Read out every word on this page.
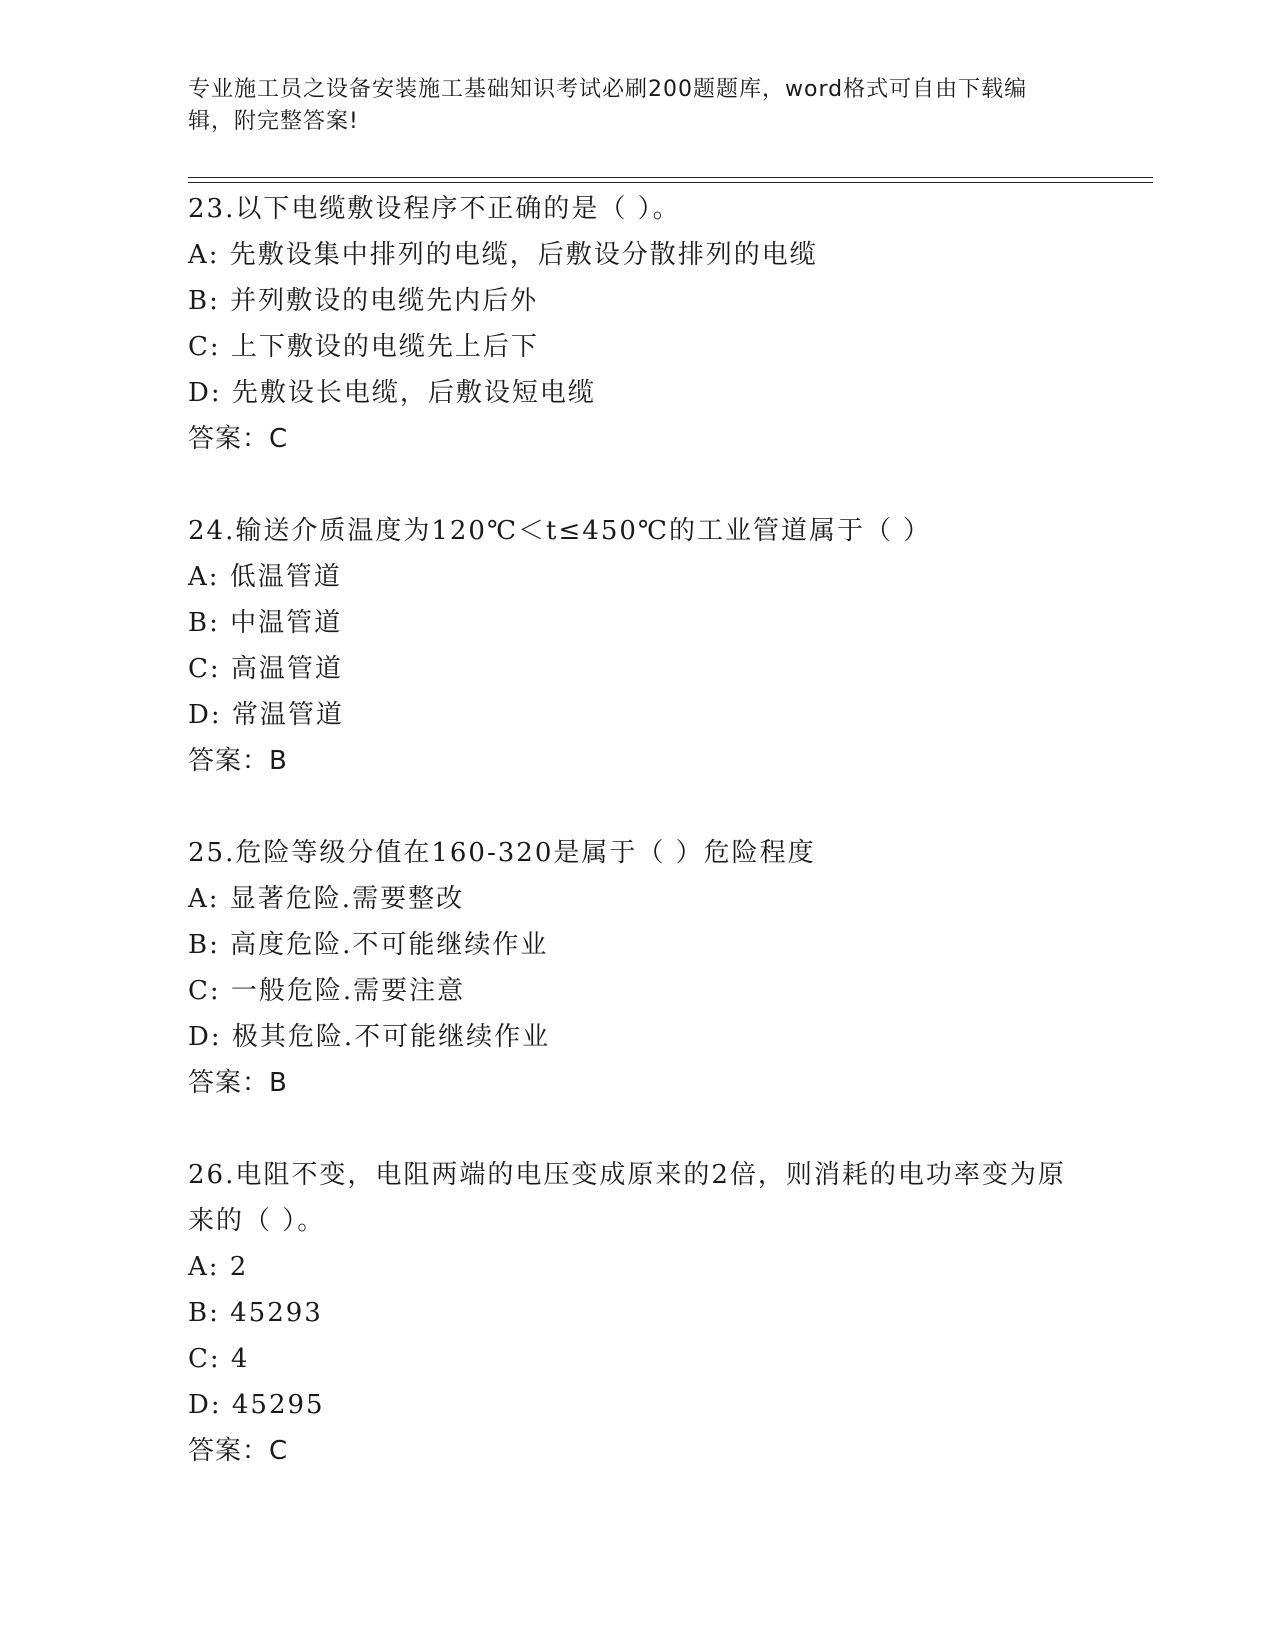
专业施工员之设备安装施工基础知识考试必刷200题题库，word格式可自由下载编辑，附完整答案!
23.以下电缆敷设程序不正确的是（ ）。
A: 先敷设集中排列的电缆，后敷设分散排列的电缆
B: 并列敷设的电缆先内后外
C: 上下敷设的电缆先上后下
D: 先敷设长电缆，后敷设短电缆
答案：C
24.输送介质温度为120℃＜t≤450℃的工业管道属于（ ）
A: 低温管道
B: 中温管道
C: 高温管道
D: 常温管道
答案：B
25.危险等级分值在160-320是属于（ ）危险程度
A: 显著危险.需要整改
B: 高度危险.不可能继续作业
C: 一般危险.需要注意
D: 极其危险.不可能继续作业
答案：B
26.电阻不变，电阻两端的电压变成原来的2倍，则消耗的电功率变为原来的（ ）。
A: 2
B: 45293
C: 4
D: 45295
答案：C
